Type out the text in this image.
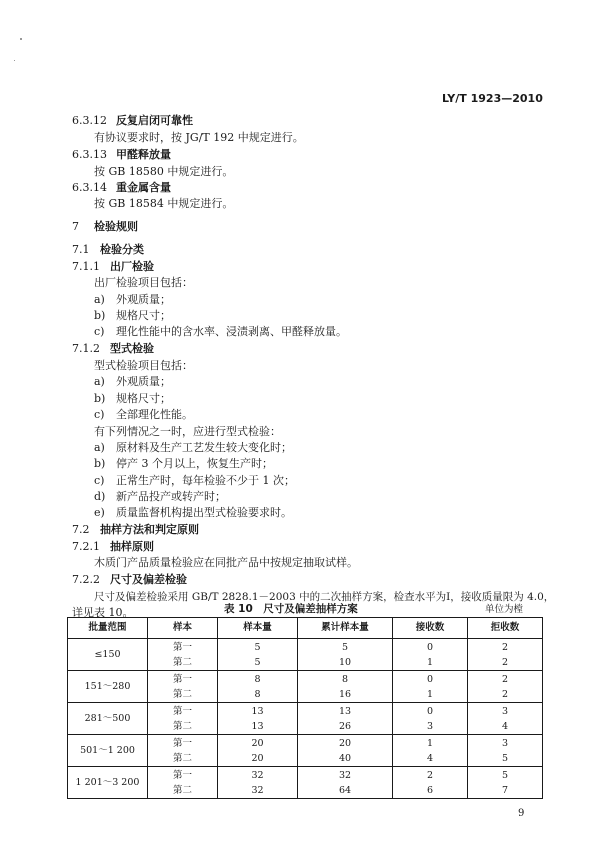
LY/T 1923—2010
6.3.12 反复启闭可靠性
有协议要求时，按 JG/T 192 中规定进行。
6.3.13 甲醛释放量
按 GB 18580 中规定进行。
6.3.14 重金属含量
按 GB 18584 中规定进行。
7 检验规则
7.1 检验分类
7.1.1 出厂检验
出厂检验项目包括：
a) 外观质量；
b) 规格尺寸；
c) 理化性能中的含水率、浸渍剥离、甲醛释放量。
7.1.2 型式检验
型式检验项目包括：
a) 外观质量；
b) 规格尺寸；
c) 全部理化性能。
有下列情况之一时，应进行型式检验：
a) 原材料及生产工艺发生较大变化时；
b) 停产 3 个月以上，恢复生产时；
c) 正常生产时，每年检验不少于 1 次；
d) 新产品投产或转产时；
e) 质量监督机构提出型式检验要求时。
7.2 抽样方法和判定原则
7.2.1 抽样原则
木质门产品质量检验应在同批产品中按规定抽取试样。
7.2.2 尺寸及偏差检验
尺寸及偏差检验采用 GB/T 2828.1－2003 中的二次抽样方案，检查水平为Ⅰ，接收质量限为 4.0，
详见表 10。	表 10　尺寸及偏差抽样方案	单位为樘
批量范围	样本	样本量	累计样本量	接收数	拒收数
≤150	第一	5	5	0	2
	第二	5	10	1	2
151～280	第一	8	8	0	2
	第二	8	16	1	2
281～500	第一	13	13	0	3
	第二	13	26	3	4
501～1 200	第一	20	20	1	3
	第二	20	40	4	5
1 201～3 200	第一	32	32	2	5
	第二	32	64	6	7
9
